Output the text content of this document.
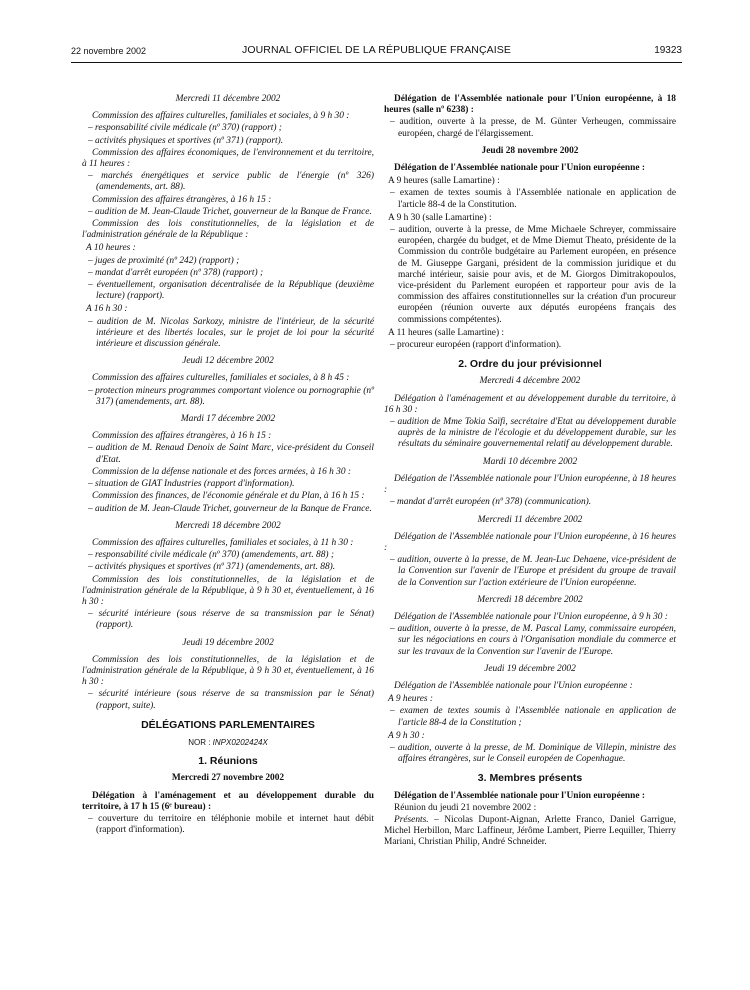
22 novembre 2002	JOURNAL OFFICIEL DE LA RÉPUBLIQUE FRANÇAISE	19323
Mercredi 11 décembre 2002
Commission des affaires culturelles, familiales et sociales, à 9 h 30 :
– responsabilité civile médicale (nº 370) (rapport) ;
– activités physiques et sportives (nº 371) (rapport).
Commission des affaires économiques, de l'environnement et du territoire, à 11 heures :
– marchés énergétiques et service public de l'énergie (nº 326) (amendements, art. 88).
Commission des affaires étrangères, à 16 h 15 :
– audition de M. Jean-Claude Trichet, gouverneur de la Banque de France.
Commission des lois constitutionnelles, de la législation et de l'administration générale de la République :
A 10 heures :
– juges de proximité (nº 242) (rapport) ;
– mandat d'arrêt européen (nº 378) (rapport) ;
– éventuellement, organisation décentralisée de la République (deuxième lecture) (rapport).
A 16 h 30 :
– audition de M. Nicolas Sarkozy, ministre de l'intérieur, de la sécurité intérieure et des libertés locales, sur le projet de loi pour la sécurité intérieure et discussion générale.
Jeudi 12 décembre 2002
Commission des affaires culturelles, familiales et sociales, à 8 h 45 :
– protection mineurs programmes comportant violence ou pornographie (nº 317) (amendements, art. 88).
Mardi 17 décembre 2002
Commission des affaires étrangères, à 16 h 15 :
– audition de M. Renaud Denoix de Saint Marc, vice-président du Conseil d'Etat.
Commission de la défense nationale et des forces armées, à 16 h 30 :
– situation de GIAT Industries (rapport d'information).
Commission des finances, de l'économie générale et du Plan, à 16 h 15 :
– audition de M. Jean-Claude Trichet, gouverneur de la Banque de France.
Mercredi 18 décembre 2002
Commission des affaires culturelles, familiales et sociales, à 11 h 30 :
– responsabilité civile médicale (nº 370) (amendements, art. 88) ;
– activités physiques et sportives (nº 371) (amendements, art. 88).
Commission des lois constitutionnelles, de la législation et de l'administration générale de la République, à 9 h 30 et, éventuellement, à 16 h 30 :
– sécurité intérieure (sous réserve de sa transmission par le Sénat) (rapport).
Jeudi 19 décembre 2002
Commission des lois constitutionnelles, de la législation et de l'administration générale de la République, à 9 h 30 et, éventuellement, à 16 h 30 :
– sécurité intérieure (sous réserve de sa transmission par le Sénat) (rapport, suite).
DÉLÉGATIONS PARLEMENTAIRES
NOR : INPX0202424X
1. Réunions
Mercredi 27 novembre 2002
Délégation à l'aménagement et au développement durable du territoire, à 17 h 15 (6ᵉ bureau) :
– couverture du territoire en téléphonie mobile et internet haut débit (rapport d'information).
Délégation de l'Assemblée nationale pour l'Union européenne, à 18 heures (salle nº 6238) :
– audition, ouverte à la presse, de M. Günter Verheugen, commissaire européen, chargé de l'élargissement.
Jeudi 28 novembre 2002
Délégation de l'Assemblée nationale pour l'Union européenne :
A 9 heures (salle Lamartine) :
– examen de textes soumis à l'Assemblée nationale en application de l'article 88-4 de la Constitution.
A 9 h 30 (salle Lamartine) :
– audition, ouverte à la presse, de Mme Michaele Schreyer, commissaire européen, chargée du budget, et de Mme Diemut Theato, présidente de la Commission du contrôle budgétaire au Parlement européen, en présence de M. Giuseppe Gargani, président de la commission juridique et du marché intérieur, saisie pour avis, et de M. Giorgos Dimitrakopoulos, vice-président du Parlement européen et rapporteur pour avis de la commission des affaires constitutionnelles sur la création d'un procureur européen (réunion ouverte aux députés européens français des commissions compétentes).
A 11 heures (salle Lamartine) :
– procureur européen (rapport d'information).
2. Ordre du jour prévisionnel
Mercredi 4 décembre 2002
Délégation à l'aménagement et au développement durable du territoire, à 16 h 30 :
– audition de Mme Tokia Saïfi, secrétaire d'Etat au développement durable auprès de la ministre de l'écologie et du développement durable, sur les résultats du séminaire gouvernemental relatif au développement durable.
Mardi 10 décembre 2002
Délégation de l'Assemblée nationale pour l'Union européenne, à 18 heures :
– mandat d'arrêt européen (nº 378) (communication).
Mercredi 11 décembre 2002
Délégation de l'Assemblée nationale pour l'Union européenne, à 16 heures :
– audition, ouverte à la presse, de M. Jean-Luc Dehaene, vice-président de la Convention sur l'avenir de l'Europe et président du groupe de travail de la Convention sur l'action extérieure de l'Union européenne.
Mercredi 18 décembre 2002
Délégation de l'Assemblée nationale pour l'Union européenne, à 9 h 30 :
– audition, ouverte à la presse, de M. Pascal Lamy, commissaire européen, sur les négociations en cours à l'Organisation mondiale du commerce et sur les travaux de la Convention sur l'avenir de l'Europe.
Jeudi 19 décembre 2002
Délégation de l'Assemblée nationale pour l'Union européenne :
A 9 heures :
– examen de textes soumis à l'Assemblée nationale en application de l'article 88-4 de la Constitution ;
A 9 h 30 :
– audition, ouverte à la presse, de M. Dominique de Villepin, ministre des affaires étrangères, sur le Conseil européen de Copenhague.
3. Membres présents
Délégation de l'Assemblée nationale pour l'Union européenne :
Réunion du jeudi 21 novembre 2002 :
Présents. – Nicolas Dupont-Aignan, Arlette Franco, Daniel Garrigue, Michel Herbillon, Marc Laffineur, Jérôme Lambert, Pierre Lequiller, Thierry Mariani, Christian Philip, André Schneider.
